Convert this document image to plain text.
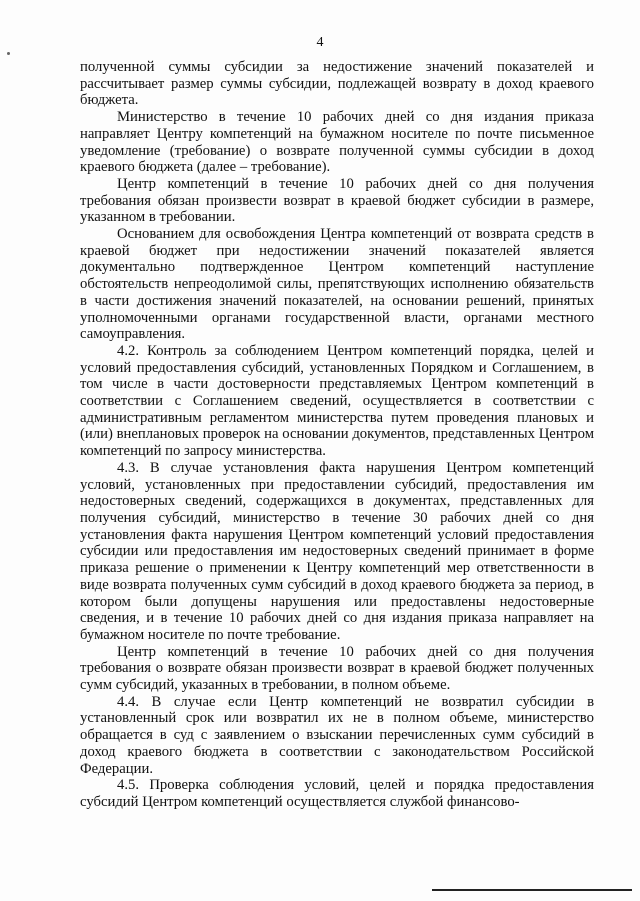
4

полученной суммы субсидии за недостижение значений показателей и рассчитывает размер суммы субсидии, подлежащей возврату в доход краевого бюджета.

Министерство в течение 10 рабочих дней со дня издания приказа направляет Центру компетенций на бумажном носителе по почте письменное уведомление (требование) о возврате полученной суммы субсидии в доход краевого бюджета (далее – требование).

Центр компетенций в течение 10 рабочих дней со дня получения требования обязан произвести возврат в краевой бюджет субсидии в размере, указанном в требовании.

Основанием для освобождения Центра компетенций от возврата средств в краевой бюджет при недостижении значений показателей является документально подтвержденное Центром компетенций наступление обстоятельств непреодолимой силы, препятствующих исполнению обязательств в части достижения значений показателей, на основании решений, принятых уполномоченными органами государственной власти, органами местного самоуправления.

4.2. Контроль за соблюдением Центром компетенций порядка, целей и условий предоставления субсидий, установленных Порядком и Соглашением, в том числе в части достоверности представляемых Центром компетенций в соответствии с Соглашением сведений, осуществляется в соответствии с административным регламентом министерства путем проведения плановых и (или) внеплановых проверок на основании документов, представленных Центром компетенций по запросу министерства.

4.3. В случае установления факта нарушения Центром компетенций условий, установленных при предоставлении субсидий, предоставления им недостоверных сведений, содержащихся в документах, представленных для получения субсидий, министерство в течение 30 рабочих дней со дня установления факта нарушения Центром компетенций условий предоставления субсидии или предоставления им недостоверных сведений принимает в форме приказа решение о применении к Центру компетенций мер ответственности в виде возврата полученных сумм субсидий в доход краевого бюджета за период, в котором были допущены нарушения или предоставлены недостоверные сведения, и в течение 10 рабочих дней со дня издания приказа направляет на бумажном носителе по почте требование.

Центр компетенций в течение 10 рабочих дней со дня получения требования о возврате обязан произвести возврат в краевой бюджет полученных сумм субсидий, указанных в требовании, в полном объеме.

4.4. В случае если Центр компетенций не возвратил субсидии в установленный срок или возвратил их не в полном объеме, министерство обращается в суд с заявлением о взыскании перечисленных сумм субсидий в доход краевого бюджета в соответствии с законодательством Российской Федерации.

4.5. Проверка соблюдения условий, целей и порядка предоставления субсидий Центром компетенций осуществляется службой финансово-
